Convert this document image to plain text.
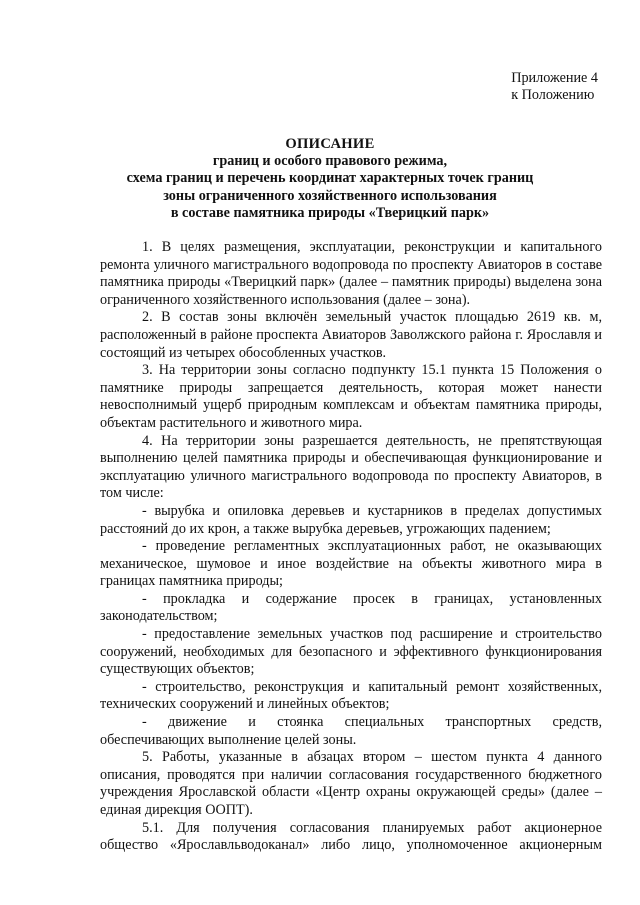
Приложение 4
к Положению
ОПИСАНИЕ
границ и особого правового режима,
схема границ и перечень координат характерных точек границ
зоны ограниченного хозяйственного использования
в составе памятника природы «Тверицкий парк»

1. В целях размещения, эксплуатации, реконструкции и капитального ремонта уличного магистрального водопровода по проспекту Авиаторов в составе памятника природы «Тверицкий парк» (далее – памятник природы) выделена зона ограниченного хозяйственного использования (далее – зона).

2. В состав зоны включён земельный участок площадью 2619 кв. м, расположенный в районе проспекта Авиаторов Заволжского района г. Ярославля и состоящий из четырех обособленных участков.

3. На территории зоны согласно подпункту 15.1 пункта 15 Положения о памятнике природы запрещается деятельность, которая может нанести невосполнимый ущерб природным комплексам и объектам памятника природы, объектам растительного и животного мира.

4. На территории зоны разрешается деятельность, не препятствующая выполнению целей памятника природы и обеспечивающая функционирование и эксплуатацию уличного магистрального водопровода по проспекту Авиаторов, в том числе:

- вырубка и опиловка деревьев и кустарников в пределах допустимых расстояний до их крон, а также вырубка деревьев, угрожающих падением;

- проведение регламентных эксплуатационных работ, не оказывающих механическое, шумовое и иное воздействие на объекты животного мира в границах памятника природы;

- прокладка и содержание просек в границах, установленных законодательством;

- предоставление земельных участков под расширение и строительство сооружений, необходимых для безопасного и эффективного функционирования существующих объектов;

- строительство, реконструкция и капитальный ремонт хозяйственных, технических сооружений и линейных объектов;

- движение и стоянка специальных транспортных средств, обеспечивающих выполнение целей зоны.

5. Работы, указанные в абзацах втором – шестом пункта 4 данного описания, проводятся при наличии согласования государственного бюджетного учреждения Ярославской области «Центр охраны окружающей среды» (далее – единая дирекция ООПТ).

5.1. Для получения согласования планируемых работ акционерное общество «Ярославльводоканал» либо лицо, уполномоченное акционерным
